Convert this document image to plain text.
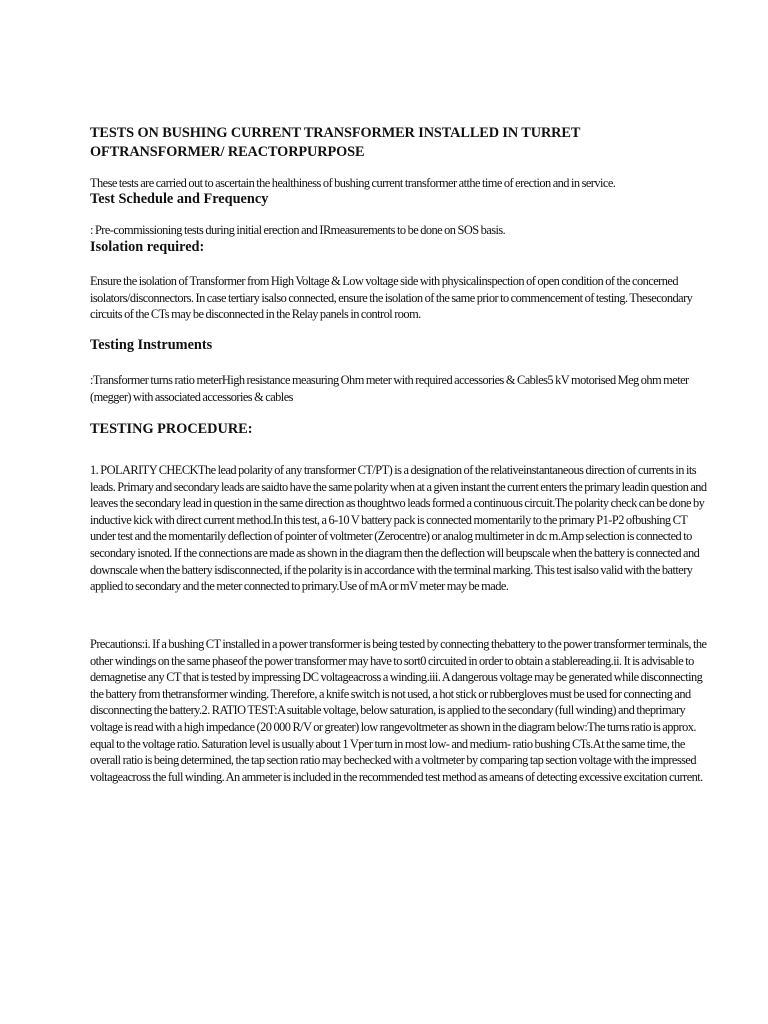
TESTS ON BUSHING CURRENT TRANSFORMER INSTALLED IN TURRET OFTRANSFORMER/ REACTORPURPOSE
These tests are carried out to ascertain the healthiness of bushing current transformer atthe time of erection and in service.
Test Schedule and Frequency
: Pre-commissioning tests during initial erection and IRmeasurements to be done on SOS basis.
Isolation required:
Ensure the isolation of Transformer from High Voltage & Low voltage side with physicalinspection of open condition of the concerned isolators/disconnectors. In case tertiary isalso connected, ensure the isolation of the same prior to commencement of testing. Thesecondary circuits of the CTs may be disconnected in the Relay panels in control room.
Testing Instruments
:Transformer turns ratio meterHigh resistance measuring Ohm meter with required accessories & Cables5 kV motorised Meg ohm meter (megger) with associated accessories & cables
TESTING PROCEDURE:
1. POLARITY CHECKThe lead polarity of any transformer CT/PT) is a designation of the relativeinstantaneous direction of currents in its leads. Primary and secondary leads are saidto have the same polarity when at a given instant the current enters the primary leadin question and leaves the secondary lead in question in the same direction as thoughtwo leads formed a continuous circuit.The polarity check can be done by inductive kick with direct current method.In this test, a 6-10 V battery pack is connected momentarily to the primary P1-P2 ofbushing CT under test and the momentarily deflection of pointer of voltmeter (Zerocentre) or analog multimeter in dc m.Amp selection is connected to secondary isnoted. If the connections are made as shown in the diagram then the deflection will beupscale when the battery is connected and downscale when the battery isdisconnected, if the polarity is in accordance with the terminal marking. This test isalso valid with the battery applied to secondary and the meter connected to primary.Use of mA or mV meter may be made.
Precautions:i. If a bushing CT installed in a power transformer is being tested by connecting thebattery to the power transformer terminals, the other windings on the same phaseof the power transformer may have to sort0 circuited in order to obtain a stablereading.ii. It is advisable to demagnetise any CT that is tested by impressing DC voltageacross a winding.iii. A dangerous voltage may be generated while disconnecting the battery from thetransformer winding. Therefore, a knife switch is not used, a hot stick or rubbergloves must be used for connecting and disconnecting the battery.2. RATIO TEST:A suitable voltage, below saturation, is applied to the secondary (full winding) and theprimary voltage is read with a high impedance (20 000 R/V or greater) low rangevoltmeter as shown in the diagram below:The turns ratio is approx. equal to the voltage ratio. Saturation level is usually about 1 Vper turn in most low- and medium- ratio bushing CTs.At the same time, the overall ratio is being determined, the tap section ratio may bechecked with a voltmeter by comparing tap section voltage with the impressed voltageacross the full winding. An ammeter is included in the recommended test method as ameans of detecting excessive excitation current.
